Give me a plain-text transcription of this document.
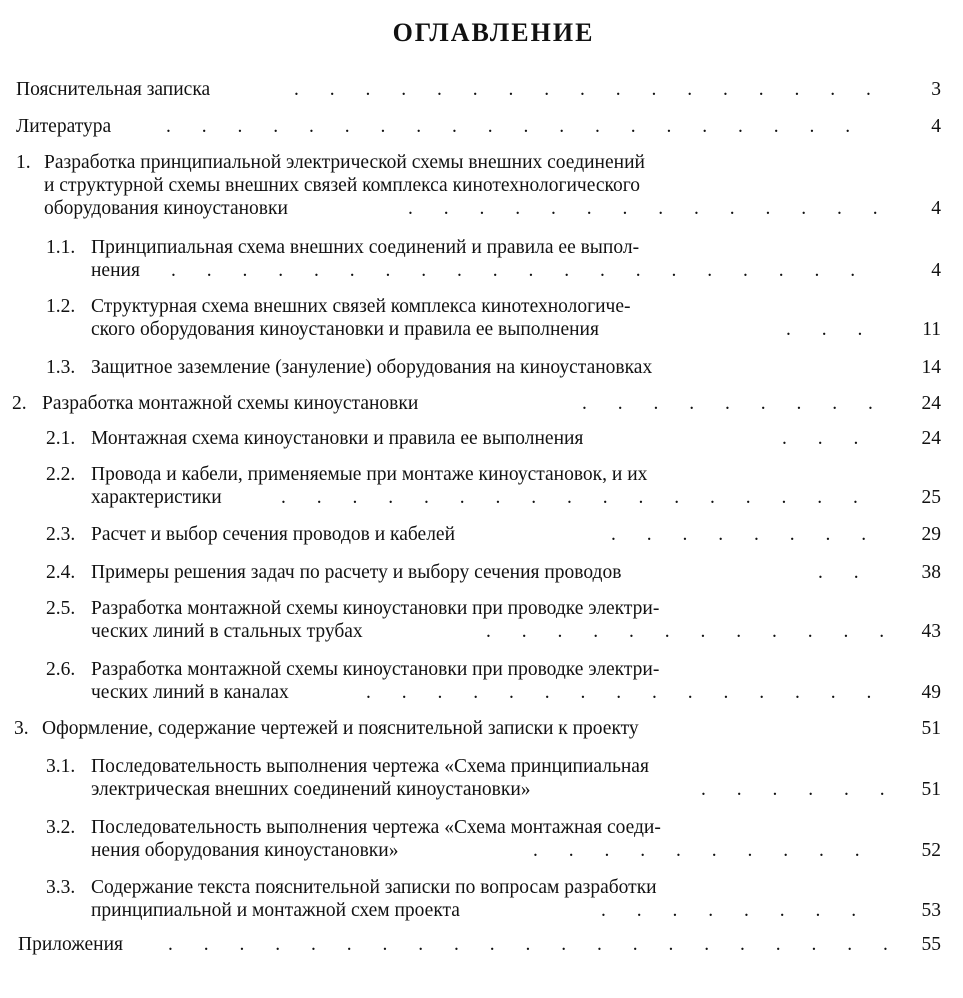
ОГЛАВЛЕНИЕ
Пояснительная записка	. . . . . . . . . . . . . . . . . 3
Литература	. . . . . . . . . . . . . . . . . . . .	4
1. Разработка принципиальной электрической схемы внешних соединений
и структурной схемы внешних связей комплекса кинотехнологического
оборудования киноустановки	. . . . . . . . . . . . . . 4
1.1. Принципиальная схема внешних соединений и правила ее выпол-
нения	. . . . . . . . . . . . . . . . . . . .	4
1.2. Структурная схема внешних связей комплекса кинотехнологиче-
ского оборудования киноустановки и правила ее выполнения	. . . 11
1.3. Защитное заземление (зануление) оборудования на киноустановках	14
2. Разработка монтажной схемы киноустановки	. . . . . . . . . 24
2.1. Монтажная схема киноустановки и правила ее выполнения	. . .	24
2.2. Провода и кабели, применяемые при монтаже киноустановок, и их
характеристики	. . . . . . . . . . . . . . . . .	25
2.3. Расчет и выбор сечения проводов и кабелей	. . . . . . . . 29
2.4. Примеры решения задач по расчету и выбору сечения проводов	. .	38
2.5. Разработка монтажной схемы киноустановки при проводке электри-
ческих линий в стальных трубах	. . . . . . . . . . . . 43
2.6. Разработка монтажной схемы киноустановки при проводке электри-
ческих линий в каналах	. . . . . . . . . . . . . . . 49
3. Оформление, содержание чертежей и пояснительной записки к проекту	51
3.1. Последовательность выполнения чертежа «Схема принципиальная
электрическая внешних соединений киноустановки»	. . . . . . 51
3.2. Последовательность выполнения чертежа «Схема монтажная соеди-
нения оборудования киноустановки»	. . . . . . . . . .	52
3.3. Содержание текста пояснительной записки по вопросам разработки
принципиальной и монтажной схем проекта	. . . . . . . .	53
Приложения . . . . . . . . . . . . . . . . . . . . . 55
